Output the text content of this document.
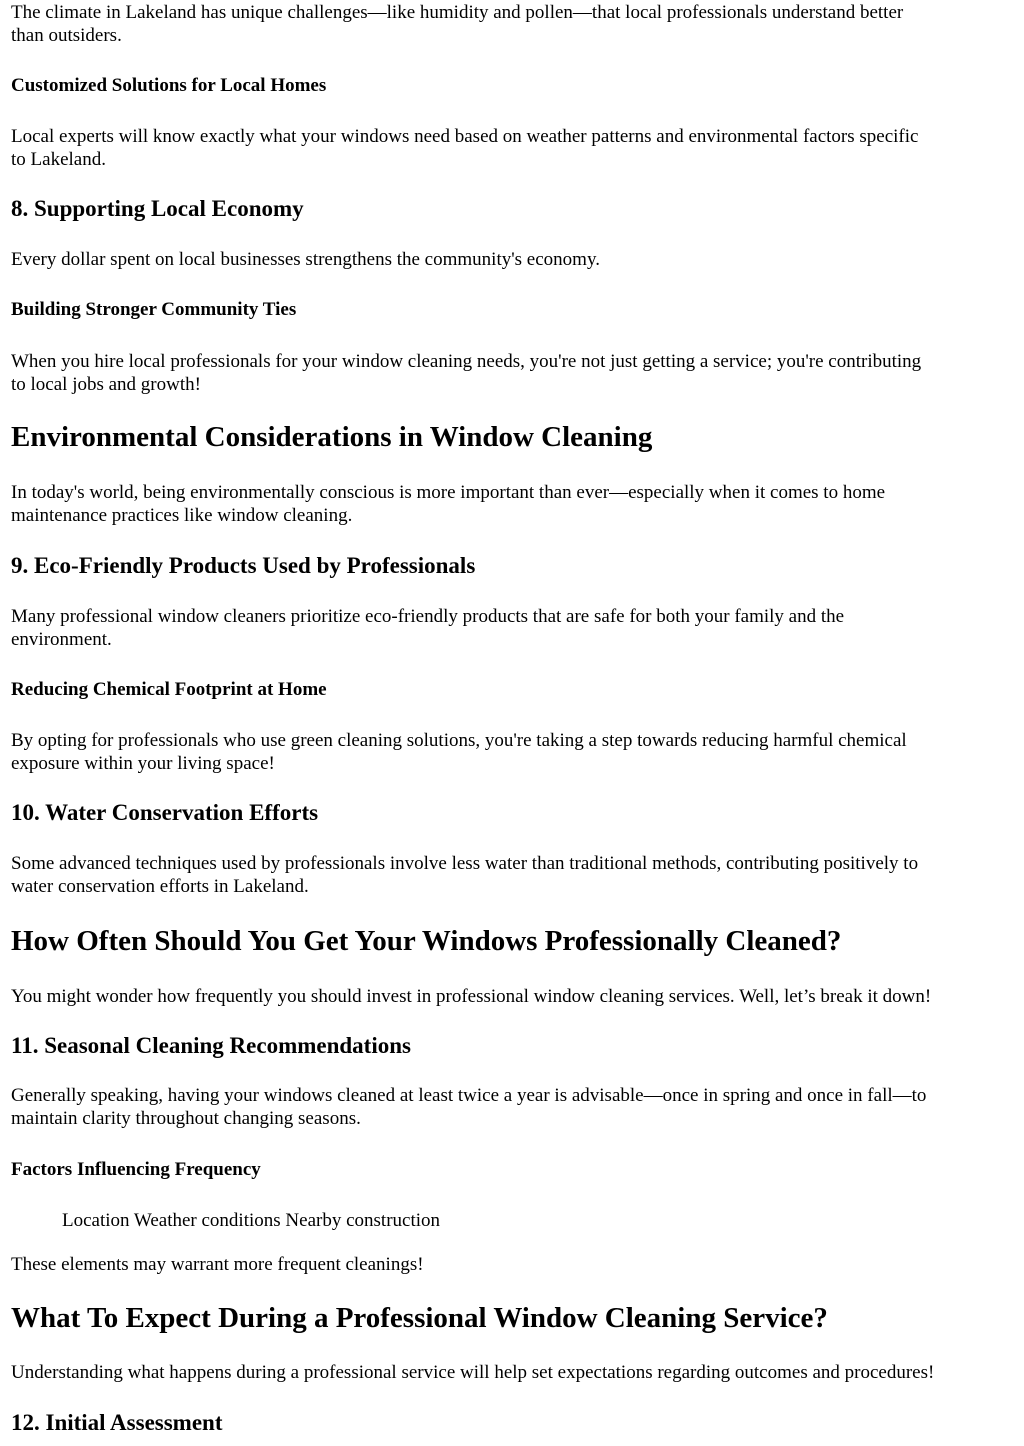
The climate in Lakeland has unique challenges—like humidity and pollen—that local professionals understand better

than outsiders.

Customized Solutions for Local Homes

Local experts will know exactly what your windows need based on weather patterns and environmental factors specific

to Lakeland.

8. Supporting Local Economy

Every dollar spent on local businesses strengthens the community's economy.

Building Stronger Community Ties

When you hire local professionals for your window cleaning needs, you're not just getting a service; you're contributing

to local jobs and growth!

Environmental Considerations in Window Cleaning

In today's world, being environmentally conscious is more important than ever—especially when it comes to home

maintenance practices like window cleaning.

9. Eco-Friendly Products Used by Professionals

Many professional window cleaners prioritize eco-friendly products that are safe for both your family and the

environment.

Reducing Chemical Footprint at Home

By opting for professionals who use green cleaning solutions, you're taking a step towards reducing harmful chemical

exposure within your living space!

10. Water Conservation Efforts

Some advanced techniques used by professionals involve less water than traditional methods, contributing positively to

water conservation efforts in Lakeland.

How Often Should You Get Your Windows Professionally Cleaned?

You might wonder how frequently you should invest in professional window cleaning services. Well, let’s break it down!

11. Seasonal Cleaning Recommendations

Generally speaking, having your windows cleaned at least twice a year is advisable—once in spring and once in fall—to

maintain clarity throughout changing seasons.

Factors Influencing Frequency

Location Weather conditions Nearby construction

These elements may warrant more frequent cleanings!

What To Expect During a Professional Window Cleaning Service?

Understanding what happens during a professional service will help set expectations regarding outcomes and procedures!

12. Initial Assessment
